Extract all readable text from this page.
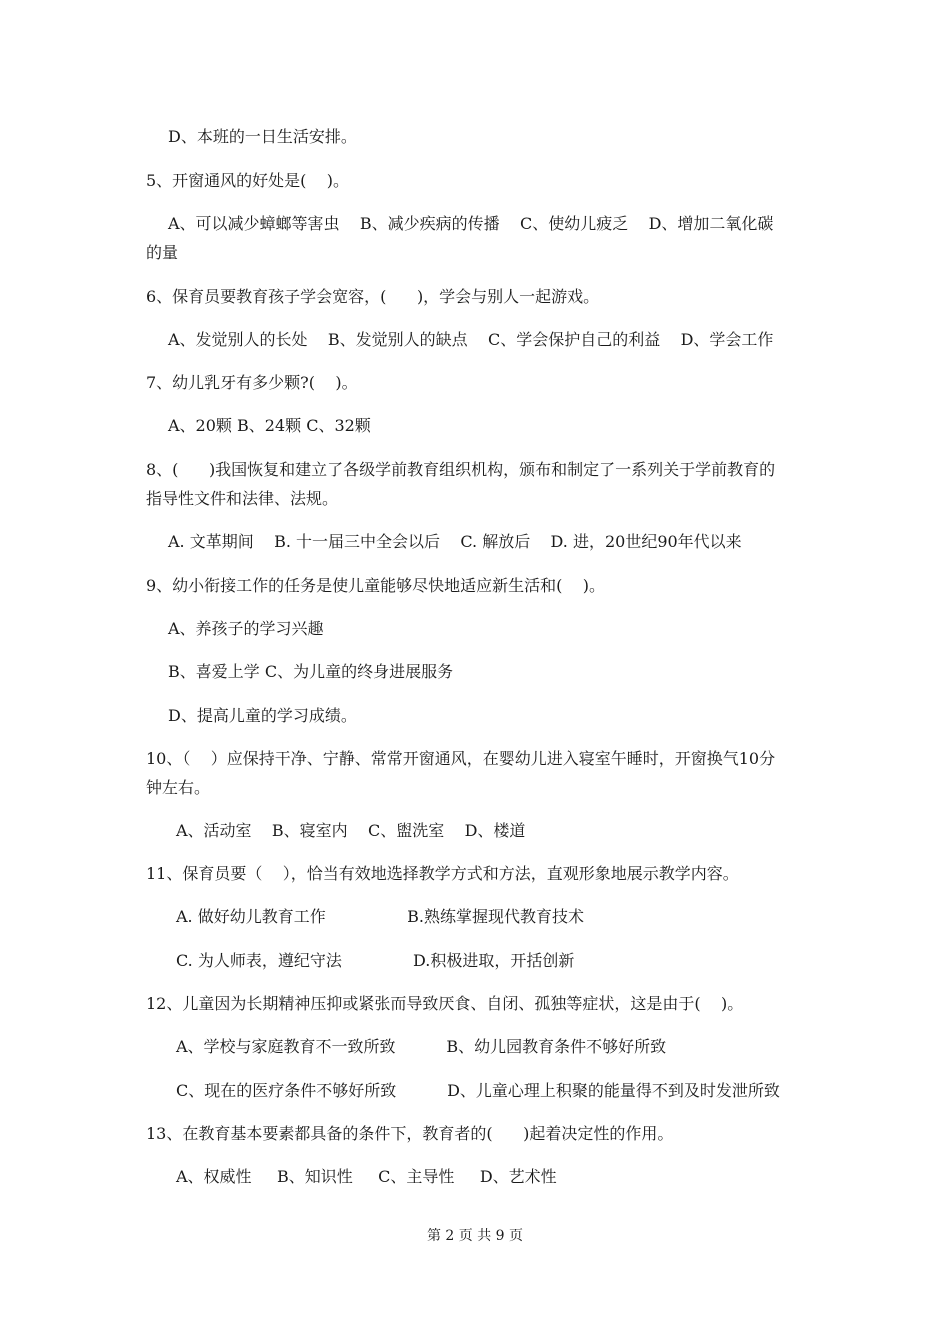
D、本班的一日生活安排。
5、开窗通风的好处是(    )。
A、可以减少蟑螂等害虫    B、减少疾病的传播    C、使幼儿疲乏    D、增加二氧化碳
的量
6、保育员要教育孩子学会宽容，(      )，学会与别人一起游戏。
A、发觉别人的长处    B、发觉别人的缺点    C、学会保护自己的利益    D、学会工作
7、幼儿乳牙有多少颗?(    )。
A、20颗 B、24颗 C、32颗
8、(      )我国恢复和建立了各级学前教育组织机构，颁布和制定了一系列关于学前教育的
指导性文件和法律、法规。
A. 文革期间    B. 十一届三中全会以后    C. 解放后    D. 进，20世纪90年代以来
9、幼小衔接工作的任务是使儿童能够尽快地适应新生活和(    )。
A、养孩子的学习兴趣
B、喜爱上学 C、为儿童的终身进展服务
D、提高儿童的学习成绩。
10、（    ）应保持干净、宁静、常常开窗通风，在婴幼儿进入寝室午睡时，开窗换气10分
钟左右。
A、活动室    B、寝室内    C、盥洗室    D、楼道
11、保育员要（    ），恰当有效地选择教学方式和方法，直观形象地展示教学内容。
A. 做好幼儿教育工作                B.熟练掌握现代教育技术
C. 为人师表，遵纪守法              D.积极进取，开括创新
12、儿童因为长期精神压抑或紧张而导致厌食、自闭、孤独等症状，这是由于(    )。
A、学校与家庭教育不一致所致          B、幼儿园教育条件不够好所致
C、现在的医疗条件不够好所致          D、儿童心理上积聚的能量得不到及时发泄所致
13、在教育基本要素都具备的条件下，教育者的(      )起着决定性的作用。
A、权威性     B、知识性     C、主导性     D、艺术性
第 2 页 共 9 页
